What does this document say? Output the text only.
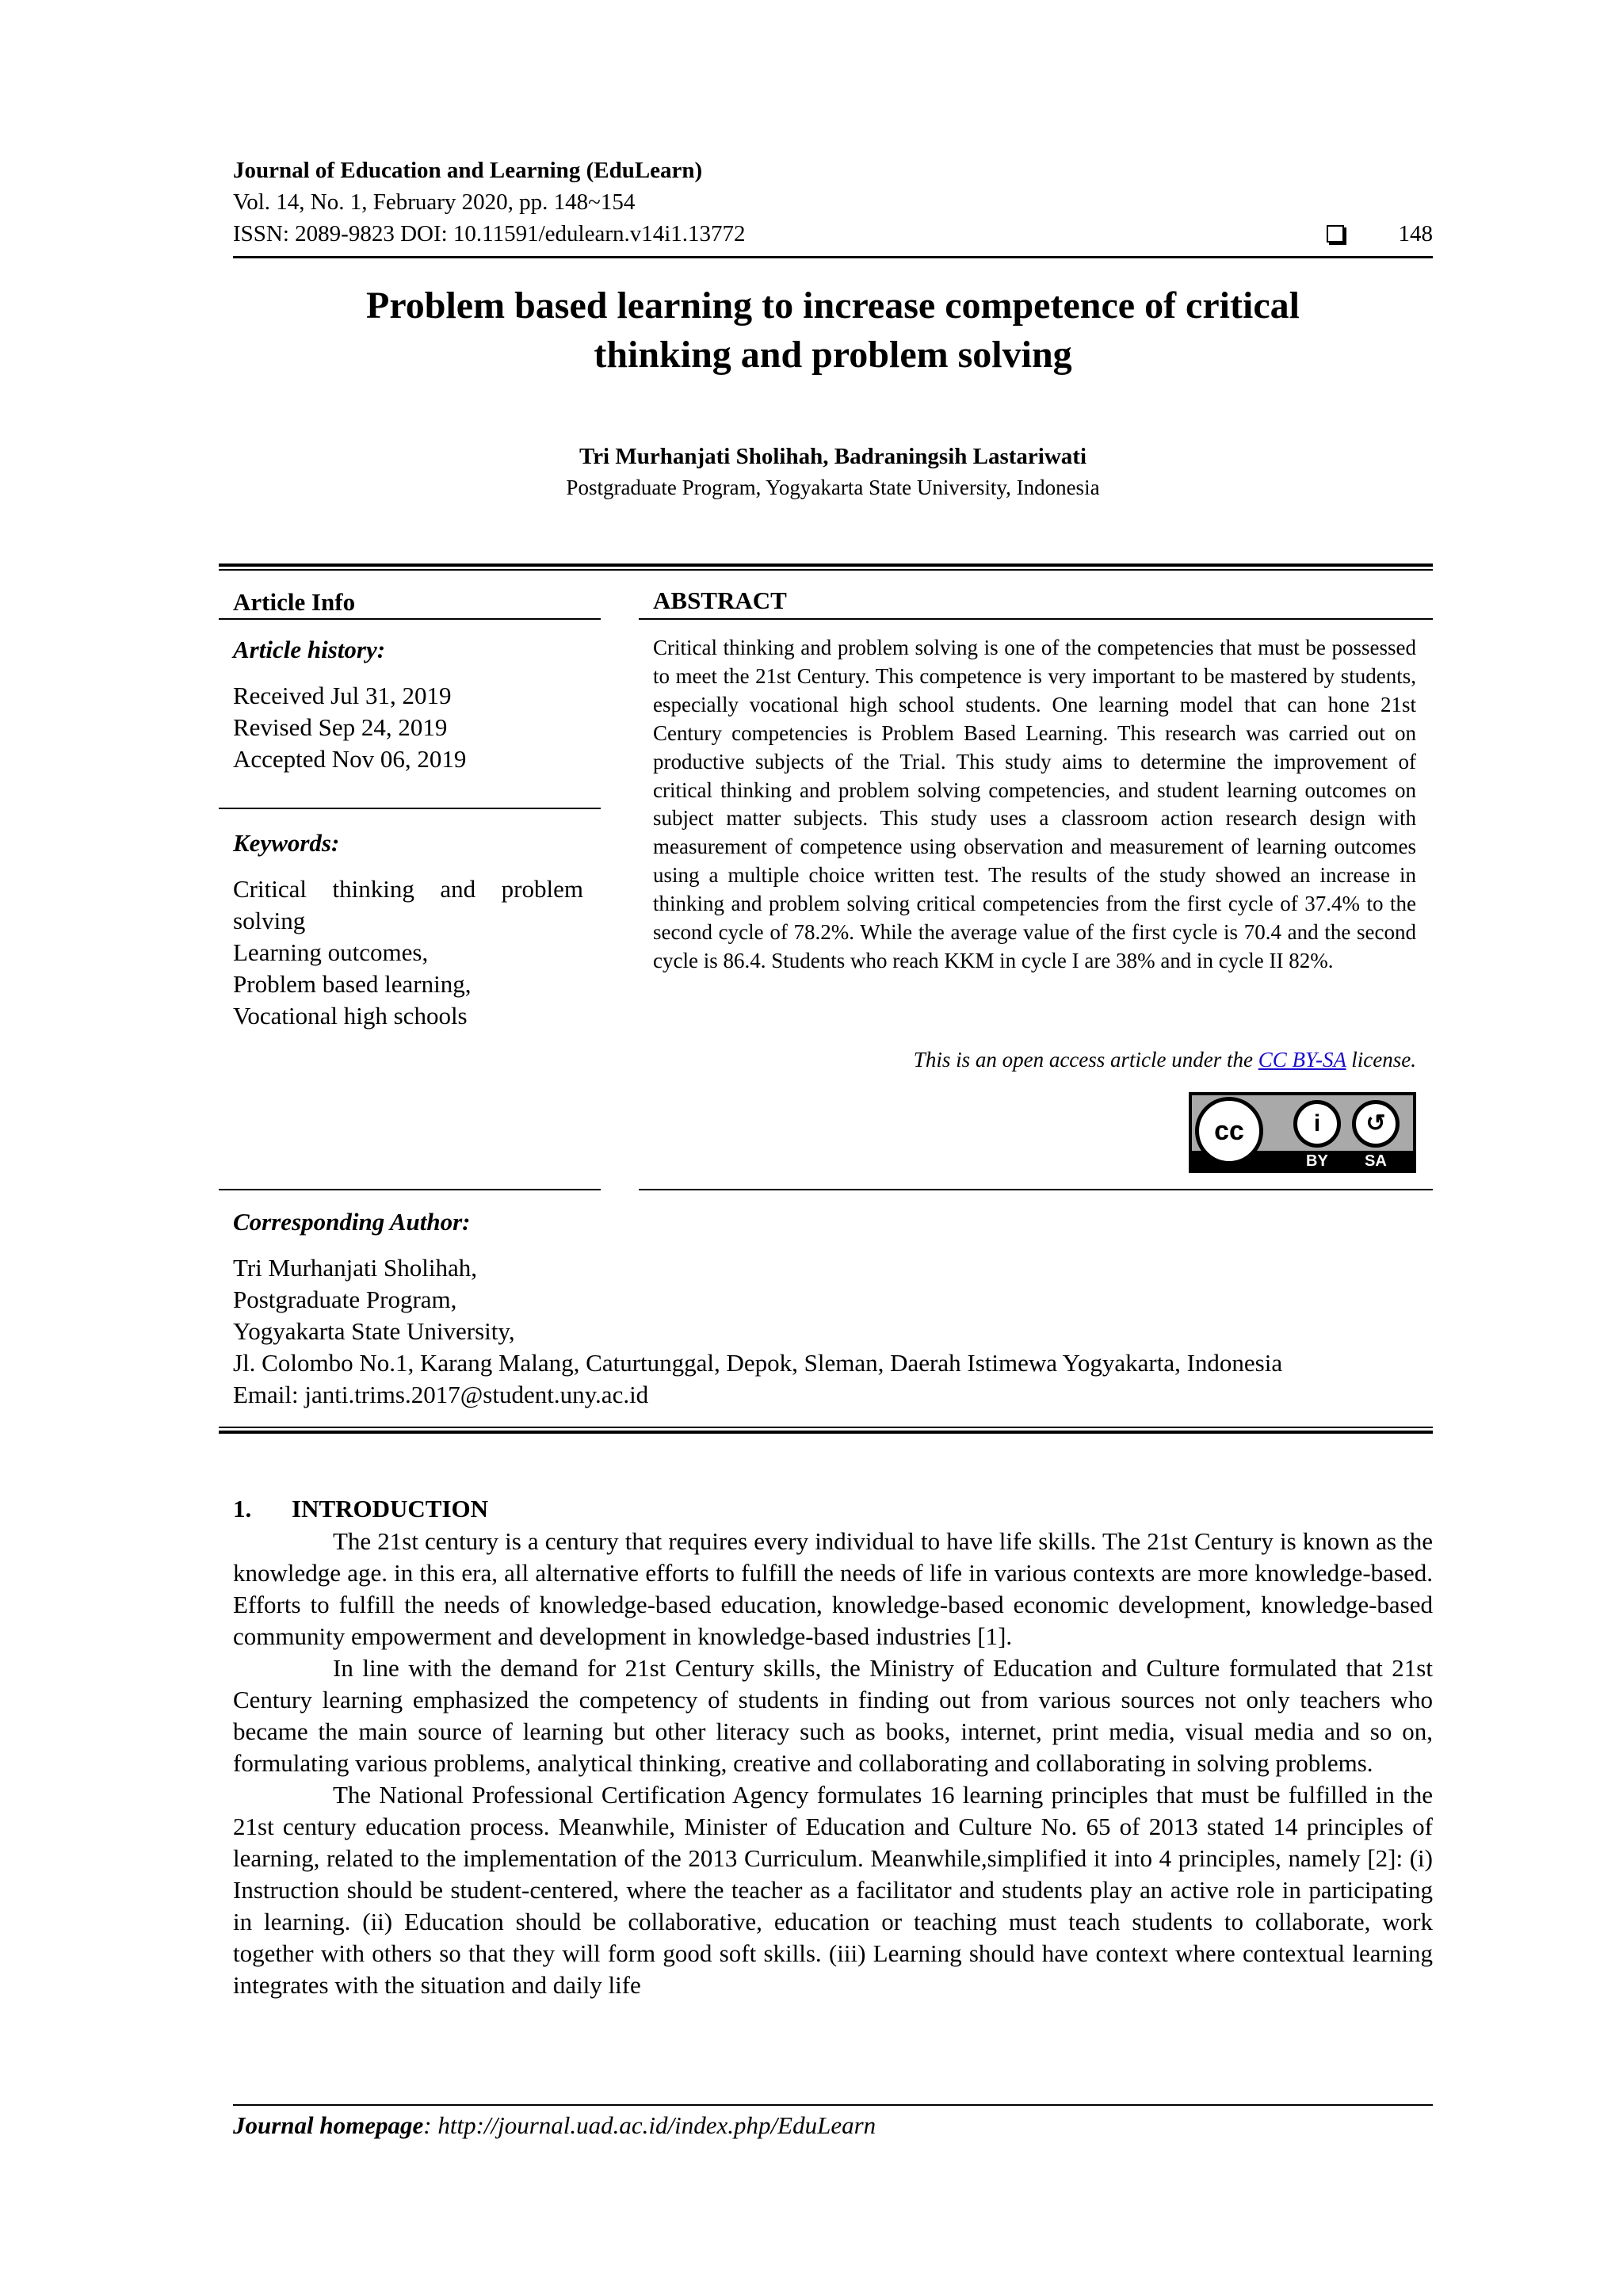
Journal of Education and Learning (EduLearn)
Vol. 14, No. 1, February 2020, pp. 148~154
ISSN: 2089-9823 DOI: 10.11591/edulearn.v14i1.13772	148
Problem based learning to increase competence of critical
thinking and problem solving
Tri Murhanjati Sholihah, Badraningsih Lastariwati
Postgraduate Program, Yogyakarta State University, Indonesia
Article Info
Article history:
Received Jul 31, 2019
Revised Sep 24, 2019
Accepted Nov 06, 2019
Keywords:
Critical thinking and problem
solving
Learning outcomes,
Problem based learning,
Vocational high schools
ABSTRACT
Critical thinking and problem solving is one of the competencies that must be possessed to meet the 21st Century. This competence is very important to be mastered by students, especially vocational high school students. One learning model that can hone 21st Century competencies is Problem Based Learning. This research was carried out on productive subjects of the Trial. This study aims to determine the improvement of critical thinking and problem solving competencies, and student learning outcomes on subject matter subjects. This study uses a classroom action research design with measurement of competence using observation and measurement of learning outcomes using a multiple choice written test. The results of the study showed an increase in thinking and problem solving critical competencies from the first cycle of 37.4% to the second cycle of 78.2%. While the average value of the first cycle is 70.4 and the second cycle is 86.4. Students who reach KKM in cycle I are 38% and in cycle II 82%.
This is an open access article under the CC BY-SA license.
cc	i	↺
BY SA
Corresponding Author:
Tri Murhanjati Sholihah,
Postgraduate Program,
Yogyakarta State University,
Jl. Colombo No.1, Karang Malang, Caturtunggal, Depok, Sleman, Daerah Istimewa Yogyakarta, Indonesia
Email: janti.trims.2017@student.uny.ac.id
1. INTRODUCTION

The 21st century is a century that requires every individual to have life skills. The 21st Century is known as the knowledge age. in this era, all alternative efforts to fulfill the needs of life in various contexts are more knowledge-based. Efforts to fulfill the needs of knowledge-based education, knowledge-based economic development, knowledge-based community empowerment and development in knowledge-based industries [1].

In line with the demand for 21st Century skills, the Ministry of Education and Culture formulated that 21st Century learning emphasized the competency of students in finding out from various sources not only teachers who became the main source of learning but other literacy such as books, internet, print media, visual media and so on, formulating various problems, analytical thinking, creative and collaborating and collaborating in solving problems.

The National Professional Certification Agency formulates 16 learning principles that must be fulfilled in the 21st century education process. Meanwhile, Minister of Education and Culture No. 65 of 2013 stated 14 principles of learning, related to the implementation of the 2013 Curriculum. Meanwhile,simplified it into 4 principles, namely [2]: (i) Instruction should be student-centered, where the teacher as a facilitator and students play an active role in participating in learning. (ii) Education should be collaborative, education or teaching must teach students to collaborate, work together with others so that they will form good soft skills. (iii) Learning should have context where contextual learning integrates with the situation and daily life

Journal homepage: http://journal.uad.ac.id/index.php/EduLearn
